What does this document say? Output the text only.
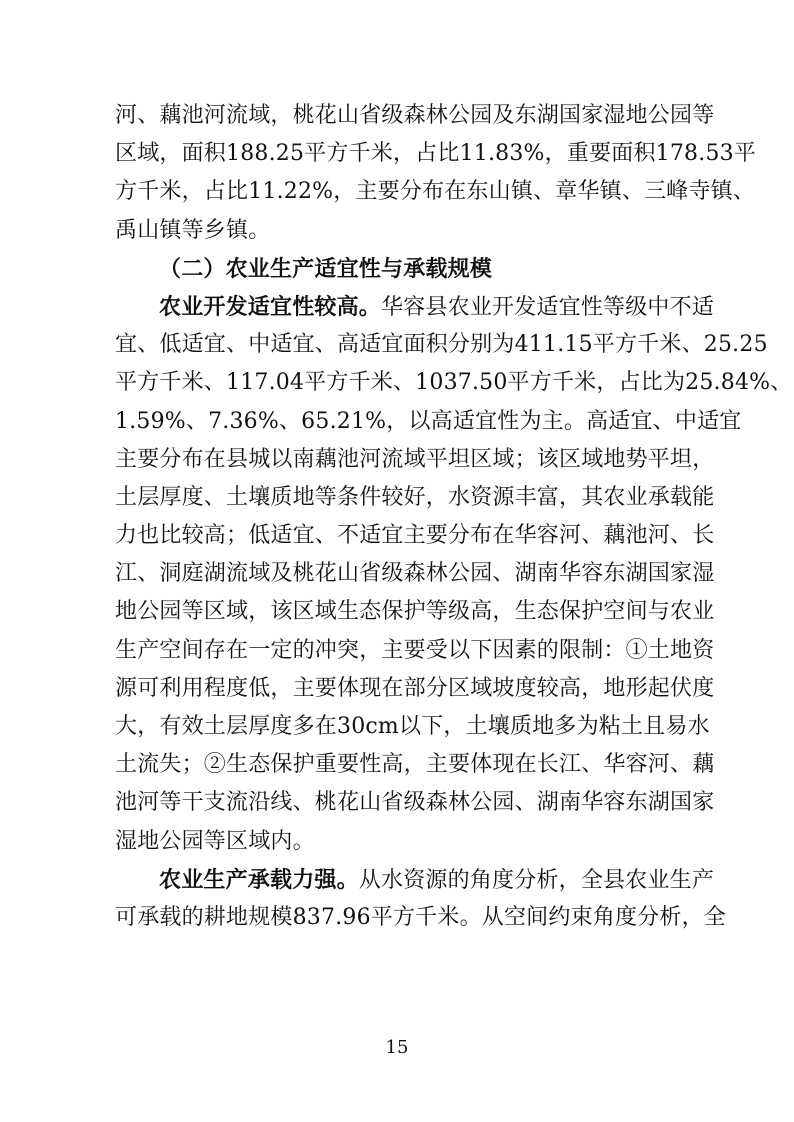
河、藕池河流域，桃花山省级森林公园及东湖国家湿地公园等
区域，面积188.25平方千米，占比11.83%，重要面积178.53平
方千米，占比11.22%，主要分布在东山镇、章华镇、三峰寺镇、
禹山镇等乡镇。
（二）农业生产适宜性与承载规模
农业开发适宜性较高。华容县农业开发适宜性等级中不适
宜、低适宜、中适宜、高适宜面积分别为411.15平方千米、25.25
平方千米、117.04平方千米、1037.50平方千米，占比为25.84%、
1.59%、7.36%、65.21%，以高适宜性为主。高适宜、中适宜
主要分布在县城以南藕池河流域平坦区域；该区域地势平坦，
土层厚度、土壤质地等条件较好，水资源丰富，其农业承载能
力也比较高；低适宜、不适宜主要分布在华容河、藕池河、长
江、洞庭湖流域及桃花山省级森林公园、湖南华容东湖国家湿
地公园等区域，该区域生态保护等级高，生态保护空间与农业
生产空间存在一定的冲突，主要受以下因素的限制：①土地资
源可利用程度低，主要体现在部分区域坡度较高，地形起伏度
大，有效土层厚度多在30cm以下，土壤质地多为粘土且易水
土流失；②生态保护重要性高，主要体现在长江、华容河、藕
池河等干支流沿线、桃花山省级森林公园、湖南华容东湖国家
湿地公园等区域内。
农业生产承载力强。从水资源的角度分析，全县农业生产
可承载的耕地规模837.96平方千米。从空间约束角度分析，全
15
